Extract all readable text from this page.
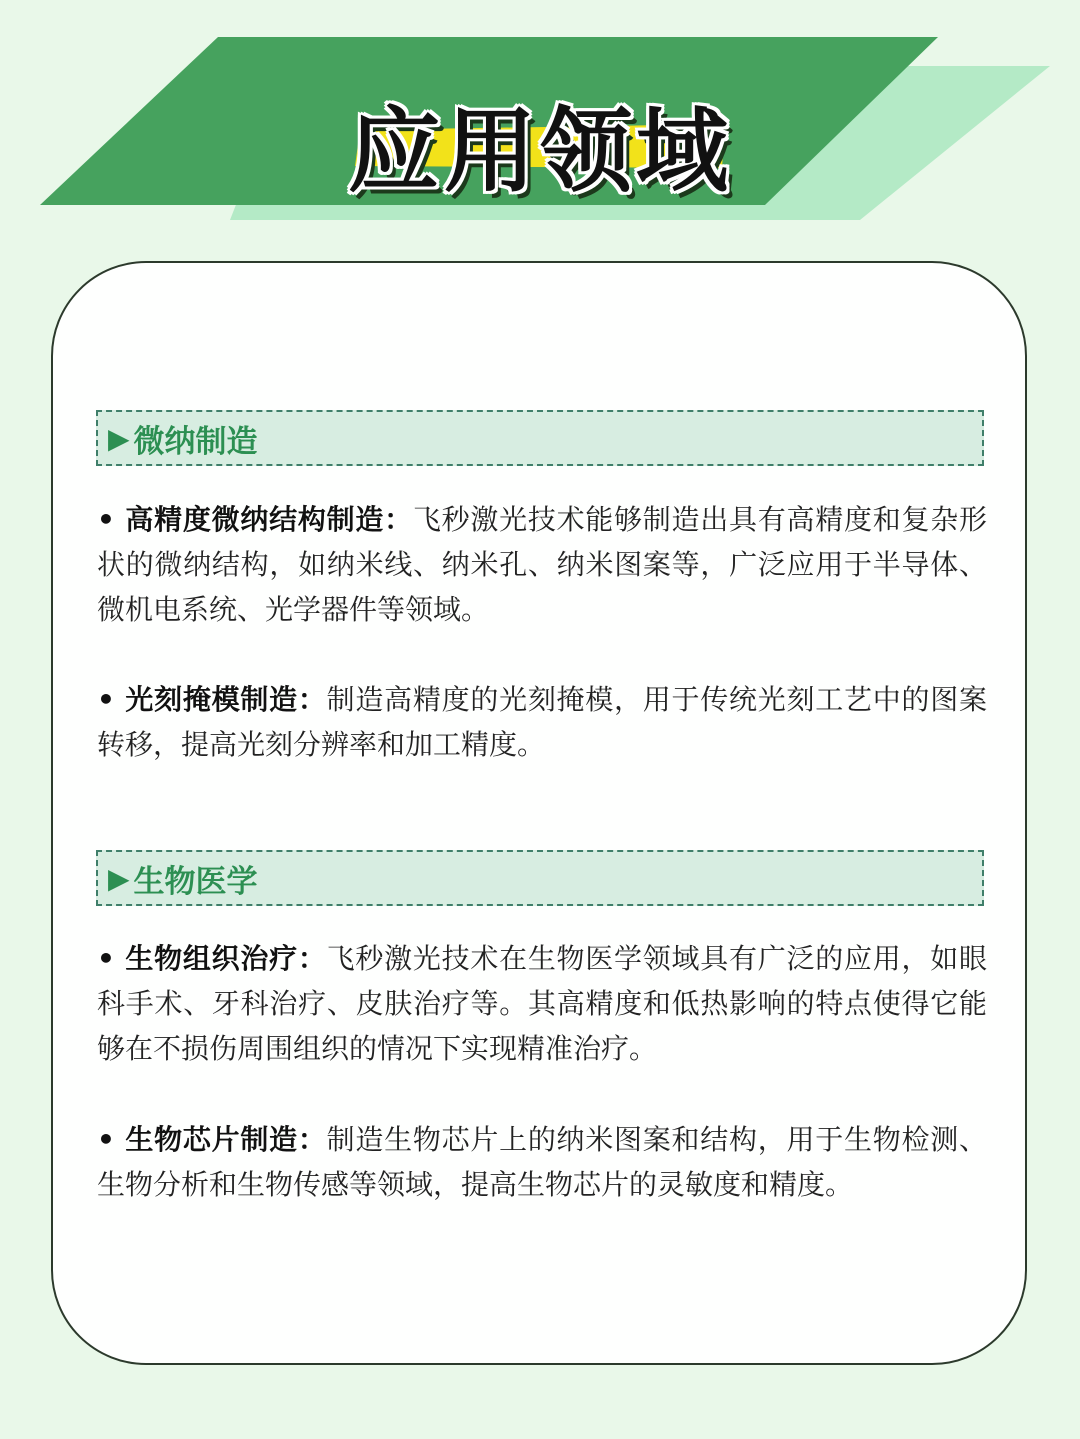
应用领域
▶ 微纳制造
• 高精度微纳结构制造：飞秒激光技术能够制造出具有高精度和复杂形状的微纳结构，如纳米线、纳米孔、纳米图案等，广泛应用于半导体、微机电系统、光学器件等领域。
• 光刻掩模制造：制造高精度的光刻掩模，用于传统光刻工艺中的图案转移，提高光刻分辨率和加工精度。
▶ 生物医学
• 生物组织治疗：飞秒激光技术在生物医学领域具有广泛的应用，如眼科手术、牙科治疗、皮肤治疗等。其高精度和低热影响的特点使得它能够在不损伤周围组织的情况下实现精准治疗。
• 生物芯片制造：制造生物芯片上的纳米图案和结构，用于生物检测、生物分析和生物传感等领域，提高生物芯片的灵敏度和精度。
